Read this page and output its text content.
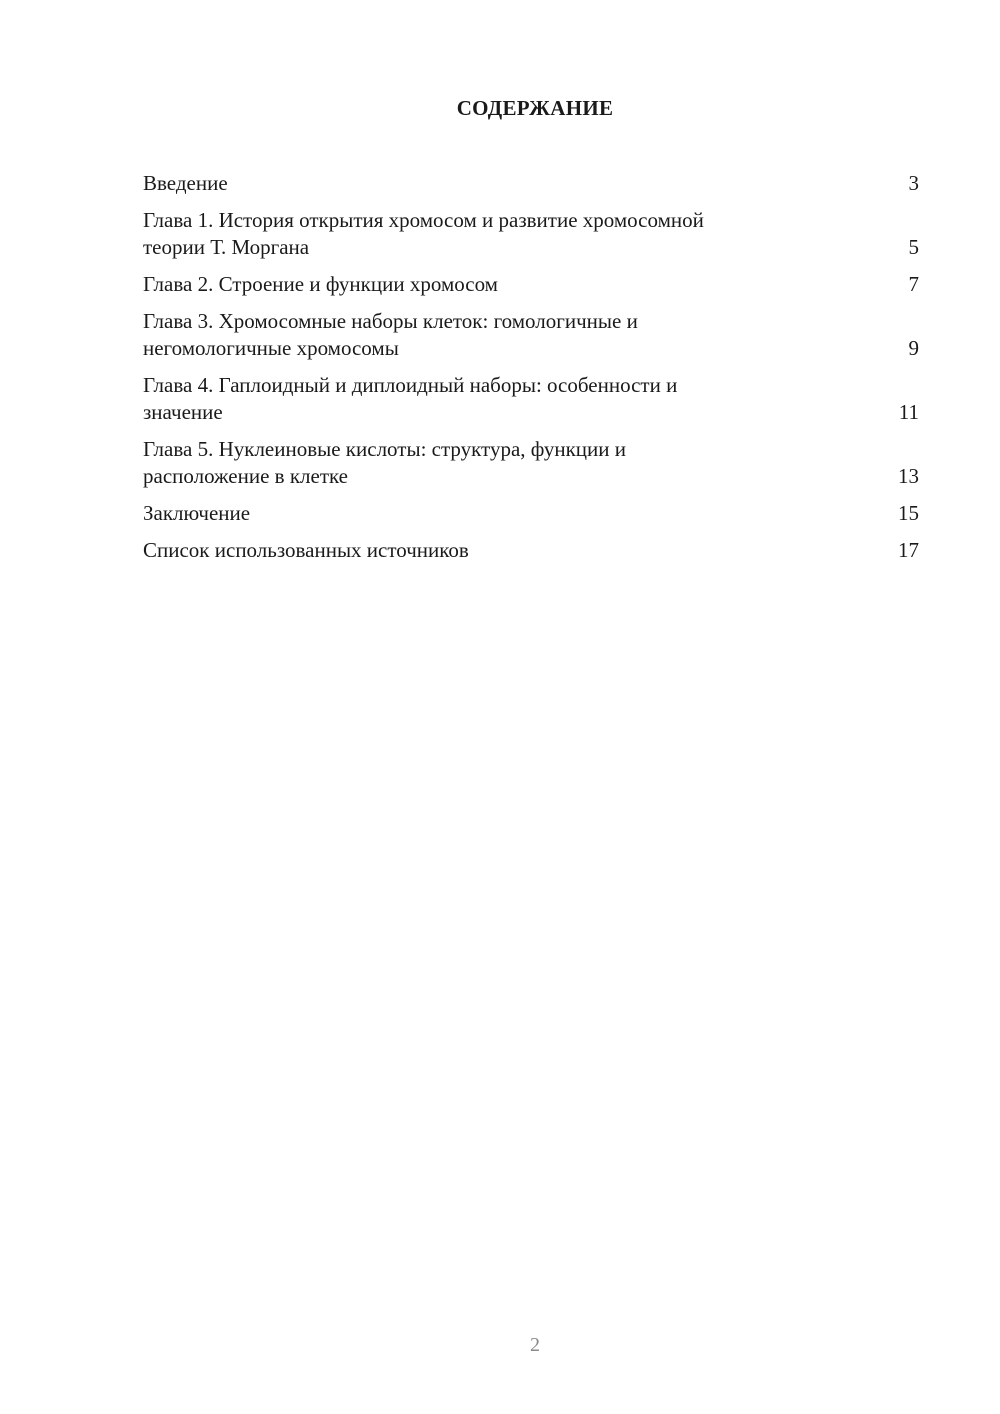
СОДЕРЖАНИЕ
Введение	3
Глава 1. История открытия хромосом и развитие хромосомной
теории Т. Моргана	5
Глава 2. Строение и функции хромосом	7
Глава 3. Хромосомные наборы клеток: гомологичные и
негомологичные хромосомы	9
Глава 4. Гаплоидный и диплоидный наборы: особенности и
значение	11
Глава 5. Нуклеиновые кислоты: структура, функции и
расположение в клетке	13
Заключение	15
Список использованных источников	17
2
